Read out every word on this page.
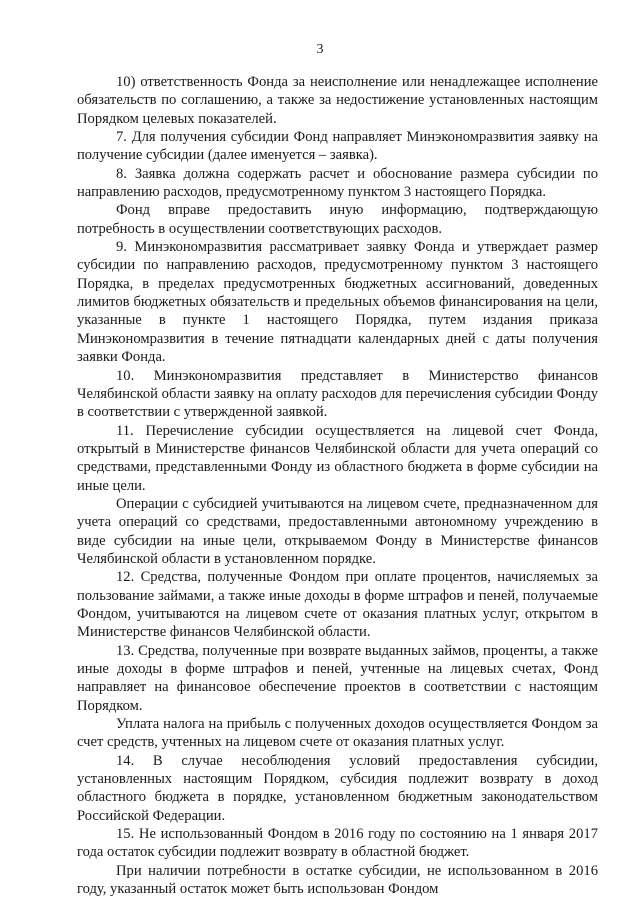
3

10) ответственность Фонда за неисполнение или ненадлежащее исполнение обязательств по соглашению, а также за недостижение установленных настоящим Порядком целевых показателей.

7. Для получения субсидии Фонд направляет Минэкономразвития заявку на получение субсидии (далее именуется – заявка).

8. Заявка должна содержать расчет и обоснование размера субсидии по направлению расходов, предусмотренному пунктом 3 настоящего Порядка.

Фонд вправе предоставить иную информацию, подтверждающую потребность в осуществлении соответствующих расходов.

9. Минэкономразвития рассматривает заявку Фонда и утверждает размер субсидии по направлению расходов, предусмотренному пунктом 3 настоящего Порядка, в пределах предусмотренных бюджетных ассигнований, доведенных лимитов бюджетных обязательств и предельных объемов финансирования на цели, указанные в пункте 1 настоящего Порядка, путем издания приказа Минэкономразвития в течение пятнадцати календарных дней с даты получения заявки Фонда.

10. Минэкономразвития представляет в Министерство финансов Челябинской области заявку на оплату расходов для перечисления субсидии Фонду в соответствии с утвержденной заявкой.

11. Перечисление субсидии осуществляется на лицевой счет Фонда, открытый в Министерстве финансов Челябинской области для учета операций со средствами, представленными Фонду из областного бюджета в форме субсидии на иные цели.

Операции с субсидией учитываются на лицевом счете, предназначенном для учета операций со средствами, предоставленными автономному учреждению в виде субсидии на иные цели, открываемом Фонду в Министерстве финансов Челябинской области в установленном порядке.

12. Средства, полученные Фондом при оплате процентов, начисляемых за пользование займами, а также иные доходы в форме штрафов и пеней, получаемые Фондом, учитываются на лицевом счете от оказания платных услуг, открытом в Министерстве финансов Челябинской области.

13. Средства, полученные при возврате выданных займов, проценты, а также иные доходы в форме штрафов и пеней, учтенные на лицевых счетах, Фонд направляет на финансовое обеспечение проектов в соответствии с настоящим Порядком.

Уплата налога на прибыль с полученных доходов осуществляется Фондом за счет средств, учтенных на лицевом счете от оказания платных услуг.

14. В случае несоблюдения условий предоставления субсидии, установленных настоящим Порядком, субсидия подлежит возврату в доход областного бюджета в порядке, установленном бюджетным законодательством Российской Федерации.

15. Не использованный Фондом в 2016 году по состоянию на 1 января 2017 года остаток субсидии подлежит возврату в областной бюджет.

При наличии потребности в остатке субсидии, не использованном в 2016 году, указанный остаток может быть использован Фондом
